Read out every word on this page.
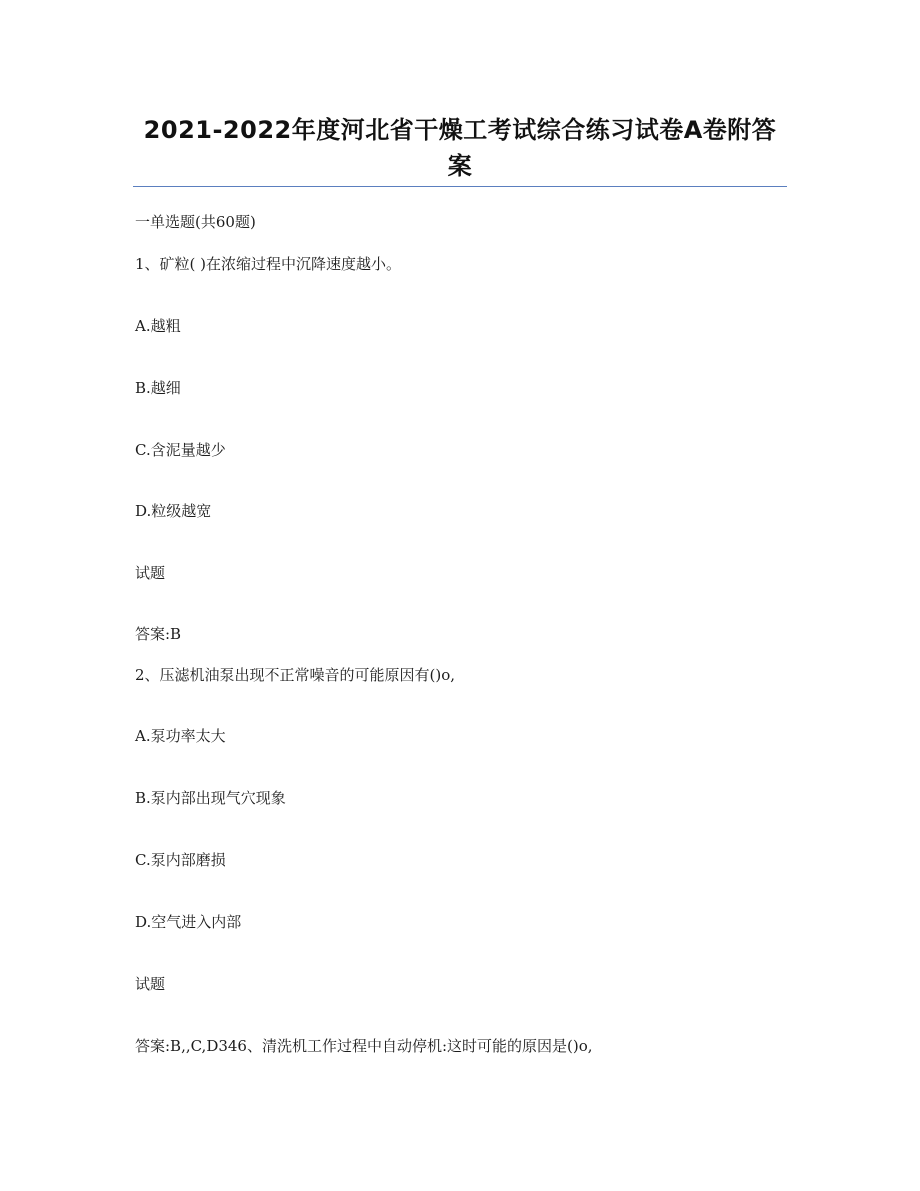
2021-2022年度河北省干燥工考试综合练习试卷A卷附答案
一单选题(共60题)
1、矿粒( )在浓缩过程中沉降速度越小。
A.越粗
B.越细
C.含泥量越少
D.粒级越宽
试题
答案:B
2、压滤机油泵出现不正常噪音的可能原因有()o,
A.泵功率太大
B.泵内部出现气穴现象
C.泵内部磨损
D.空气进入内部
试题
答案:B,,C,D346、清洗机工作过程中自动停机:这时可能的原因是()o,
